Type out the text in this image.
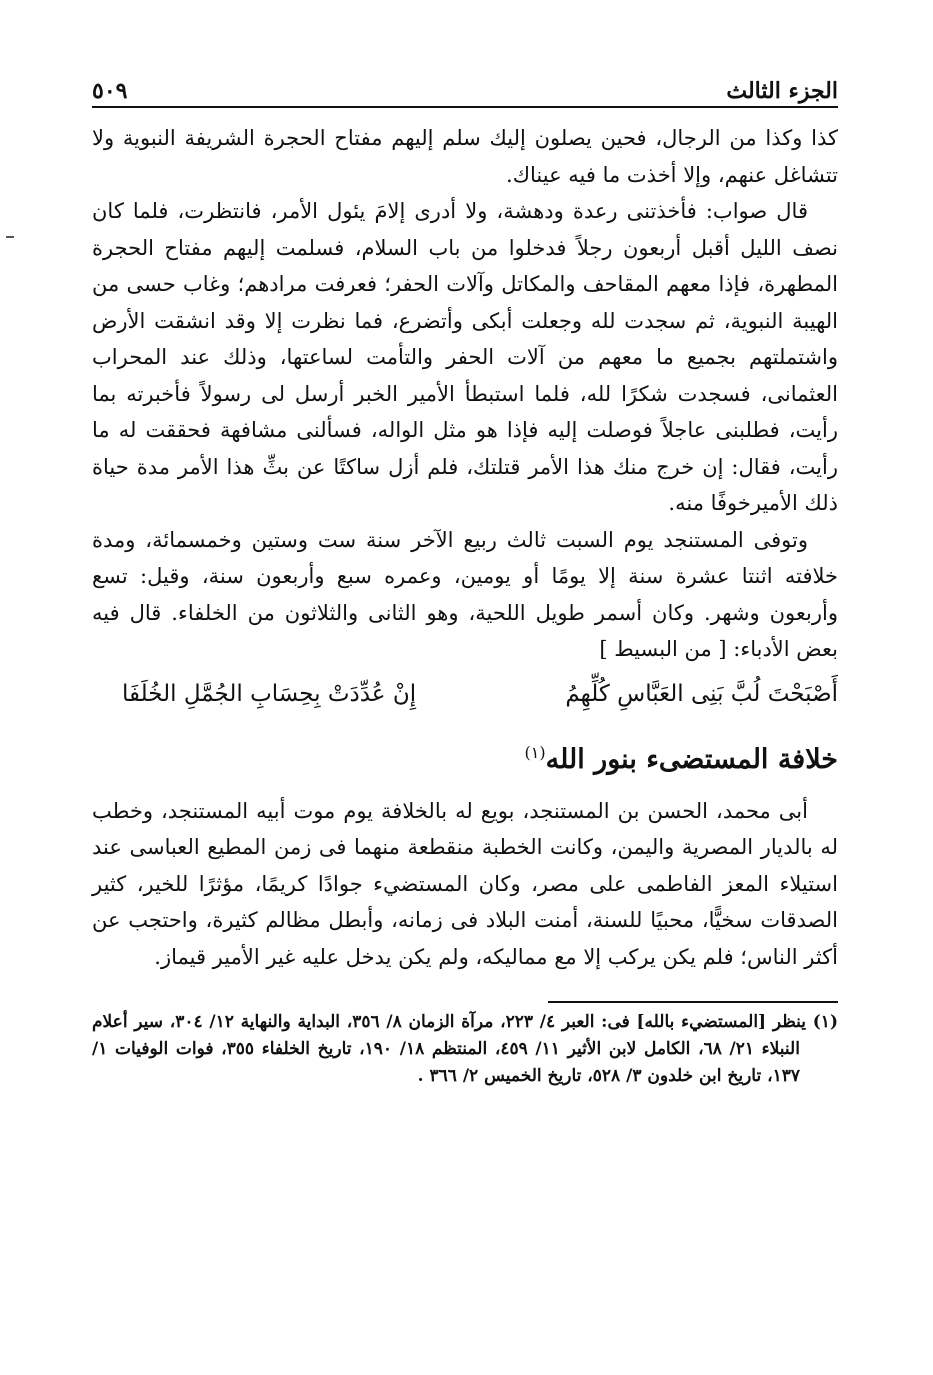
الجزء الثالث
٥٠٩

كذا وكذا من الرجال، فحين يصلون إليك سلم إليهم مفتاح الحجرة الشريفة النبوية ولا تتشاغل عنهم، وإلا أخذت ما فيه عيناك.

قال صواب: فأخذتنى رعدة ودهشة، ولا أدرى إلامَ يئول الأمر، فانتظرت، فلما كان نصف الليل أقبل أربعون رجلاً فدخلوا من باب السلام، فسلمت إليهم مفتاح الحجرة المطهرة، فإذا معهم المقاحف والمكاتل وآلات الحفر؛ فعرفت مرادهم؛ وغاب حسى من الهيبة النبوية، ثم سجدت لله وجعلت أبكى وأتضرع، فما نظرت إلا وقد انشقت الأرض واشتملتهم بجميع ما معهم من آلات الحفر والتأمت لساعتها، وذلك عند المحراب العثمانى، فسجدت شكرًا لله، فلما استبطأ الأمير الخبر أرسل لى رسولاً فأخبرته بما رأيت، فطلبنى عاجلاً فوصلت إليه فإذا هو مثل الواله، فسألنى مشافهة فحققت له ما رأيت، فقال: إن خرج منك هذا الأمر قتلتك، فلم أزل ساكتًا عن بثِّ هذا الأمر مدة حياة ذلك الأميرخوفًا منه.

وتوفى المستنجد يوم السبت ثالث ربيع الآخر سنة ست وستين وخمسمائة، ومدة خلافته اثنتا عشرة سنة إلا يومًا أو يومين، وعمره سبع وأربعون سنة، وقيل: تسع وأربعون وشهر. وكان أسمر طويل اللحية، وهو الثانى والثلاثون من الخلفاء. قال فيه بعض الأدباء: [ من البسيط ]

أَصْبَحْتَ لُبَّ بَنِى العَبَّاسِ كُلِّهِمُ
إِنْ عُدِّدَتْ بِحِسَابِ الجُمَّلِ الخُلَفَا
خلافة المستضىء بنور الله$^{(١)}$

أبى محمد، الحسن بن المستنجد، بويع له بالخلافة يوم موت أبيه المستنجد، وخطب له بالديار المصرية واليمن، وكانت الخطبة منقطعة منهما فى زمن المطيع العباسى عند استيلاء المعز الفاطمى على مصر، وكان المستضيء جوادًا كريمًا، مؤثرًا للخير، كثير الصدقات سخيًّا، محبيًا للسنة، أمنت البلاد فى زمانه، وأبطل مظالم كثيرة، واحتجب عن أكثر الناس؛ فلم يكن يركب إلا مع مماليكه، ولم يكن يدخل عليه غير الأمير قيماز.

(١) ينظر [المستضيء بالله] فى: العبر ٤/ ٢٢٣، مرآة الزمان ٨/ ٣٥٦، البداية والنهاية ١٢/ ٣٠٤، سير أعلام النبلاء ٢١/ ٦٨، الكامل لابن الأثير ١١/ ٤٥٩، المنتظم ١٨/ ١٩٠، تاريخ الخلفاء ٣٥٥، فوات الوفيات ١/ ١٣٧، تاريخ ابن خلدون ٣/ ٥٢٨، تاريخ الخميس ٢/ ٣٦٦ .
